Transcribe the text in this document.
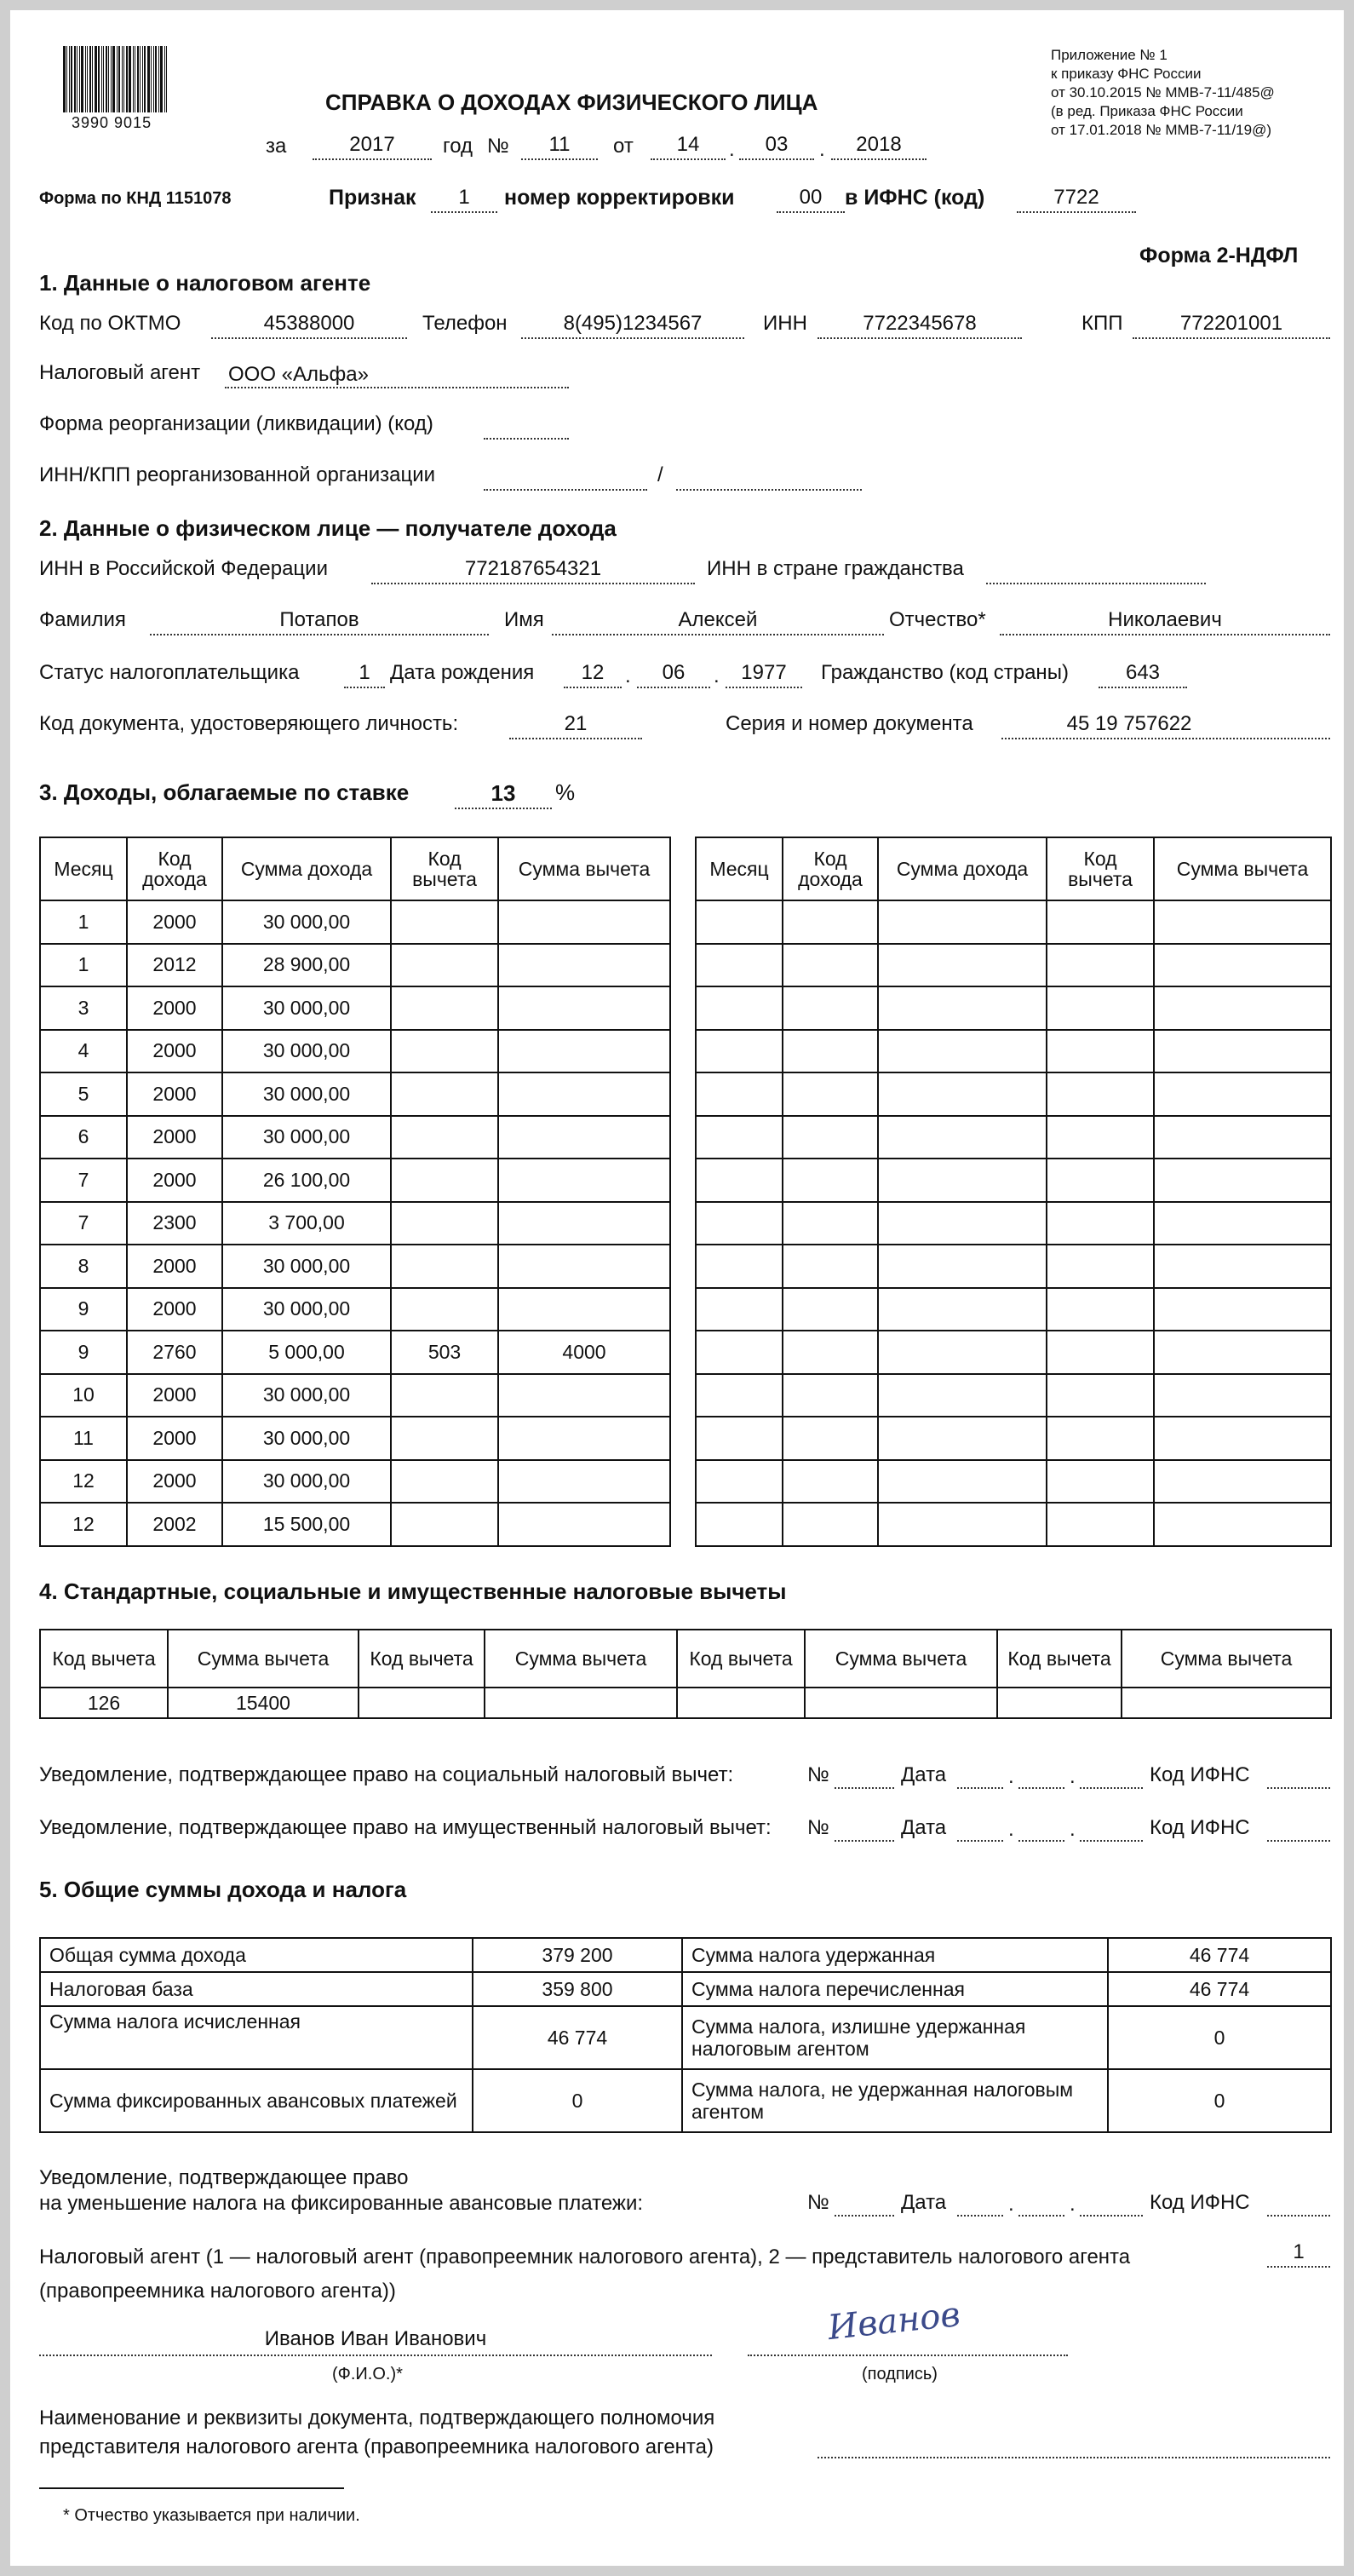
3990 9015
СПРАВКА О ДОХОДАХ ФИЗИЧЕСКОГО ЛИЦА
за	2017	год №	11	от	14	.	03	.	2018
Приложение № 1
к приказу ФНС России
от 30.10.2015 № ММВ-7-11/485@
(в ред. Приказа ФНС России
от 17.01.2018 № ММВ-7-11/19@)
Форма по КНД 1151078	Признак	1	номер корректировки	00	в ИФНС (код)	7722
Форма 2-НДФЛ
1. Данные о налоговом агенте
Код по ОКТМО	45388000	Телефон	8(495)1234567	ИНН	7722345678	КПП	772201001
Налоговый агент ООО «Альфа»
Форма реорганизации (ликвидации) (код)
ИНН/КПП реорганизованной организации	/
2. Данные о физическом лице — получателе дохода
ИНН в Российской Федерации	772187654321	ИНН в стране гражданства
Фамилия	Потапов	Имя	Алексей	Отчество*	Николаевич
Статус налогоплательщика	1 Дата рождения	12	.	06	.	1977	Гражданство (код страны)	643
Код документа, удостоверяющего личность:	21	Серия и номер документа	45 19 757622
3. Доходы, облагаемые по ставке	13	%
Месяц	Код дохода	Сумма дохода	Код вычета	Сумма вычета
1	2000	30 000,00		
1	2012	28 900,00		
3	2000	30 000,00		
4	2000	30 000,00		
5	2000	30 000,00		
6	2000	30 000,00		
7	2000	26 100,00		
7	2300	3 700,00		
8	2000	30 000,00		
9	2000	30 000,00		
9	2760	5 000,00	503	4000
10	2000	30 000,00		
11	2000	30 000,00		
12	2000	30 000,00		
12	2002	15 500,00		
Месяц	Код дохода	Сумма дохода	Код вычета	Сумма вычета

4. Стандартные, социальные и имущественные налоговые вычеты
Код вычета	Сумма вычета	Код вычета	Сумма вычета	Код вычета	Сумма вычета	Код вычета	Сумма вычета
126	15400						
Уведомление, подтверждающее право на социальный налоговый вычет:	№	Дата	.	.	Код ИФНС
Уведомление, подтверждающее право на имущественный налоговый вычет: №	Дата	.	.	Код ИФНС
5. Общие суммы дохода и налога
Общая сумма дохода	379 200	Сумма налога удержанная	46 774
Налоговая база	359 800	Сумма налога перечисленная	46 774
Сумма налога исчисленная	46 774	Сумма налога, излишне удержанная налоговым агентом	0
Сумма фиксированных авансовых платежей	0	Сумма налога, не удержанная налоговым агентом	0
Уведомление, подтверждающее право
на уменьшение налога на фиксированные авансовые платежи:	№	Дата	.	.	Код ИФНС
Налоговый агент (1 — налоговый агент (правопреемник налогового агента), 2 — представитель налогового агента
(правопреемника налогового агента))
1
Иванов Иван Иванович
(Ф.И.О.)*
Иванов
(подпись)
Наименование и реквизиты документа, подтверждающего полномочия
представителя налогового агента (правопреемника налогового агента)
* Отчество указывается при наличии.
